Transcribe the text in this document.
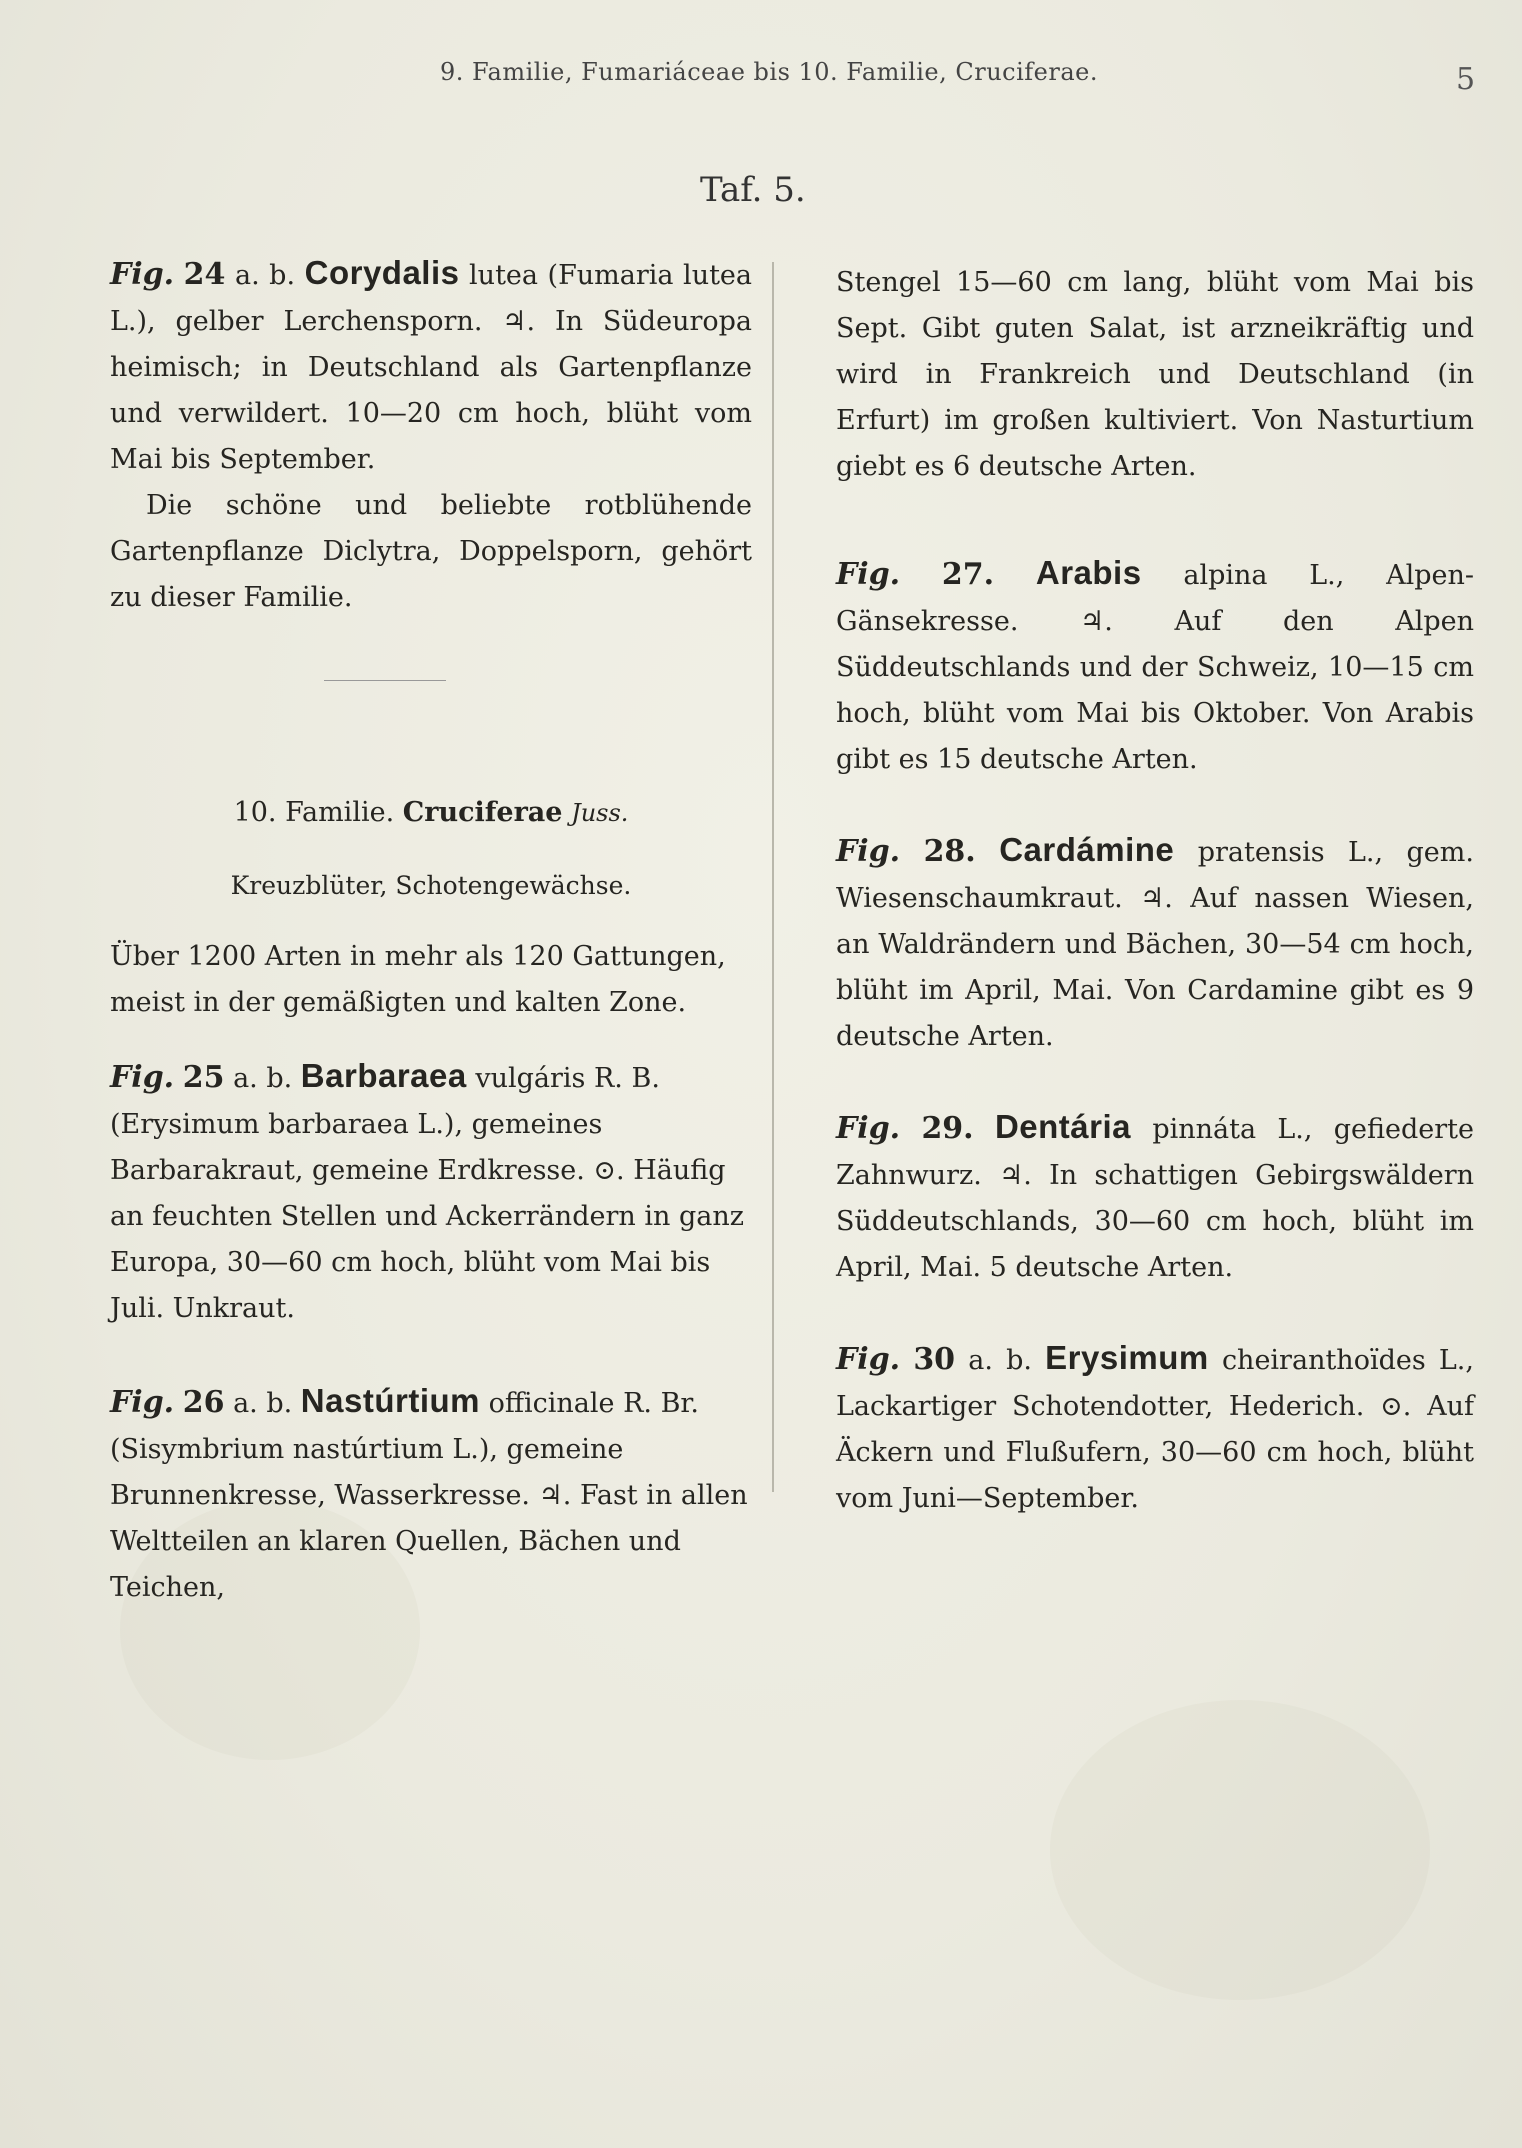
9. Familie, Fumariáceae bis 10. Familie, Cruciferae.	5
Taf. 5.

Fig. 24 a. b. Corydalis lutea (Fumaria lutea L.), gelber Lerchensporn. ♃. In Südeuropa heimisch; in Deutschland als Gartenpflanze und verwildert. 10—20 cm hoch, blüht vom Mai bis September.

Die schöne und beliebte rotblühende Gartenpflanze Diclytra, Doppelsporn, gehört zu dieser Familie.

10. Familie. Cruciferae Juss.

Kreuzblüter, Schotengewächse.

Über 1200 Arten in mehr als 120 Gattungen, meist in der gemäßigten und kalten Zone.

Fig. 25 a. b. Barbaraea vulgáris R. B. (Erysimum barbaraea L.), gemeines Barbarakraut, gemeine Erdkresse. ⊙. Häufig an feuchten Stellen und Ackerrändern in ganz Europa, 30—60 cm hoch, blüht vom Mai bis Juli. Unkraut.

Fig. 26 a. b. Nastúrtium officinale R. Br. (Sisymbrium nastúrtium L.), gemeine Brunnenkresse, Wasserkresse. ♃. Fast in allen Weltteilen an klaren Quellen, Bächen und Teichen,

Stengel 15—60 cm lang, blüht vom Mai bis Sept. Gibt guten Salat, ist arzneikräftig und wird in Frankreich und Deutschland (in Erfurt) im großen kultiviert. Von Nasturtium giebt es 6 deutsche Arten.

Fig. 27. Arabis alpina L., Alpen-Gänsekresse. ♃. Auf den Alpen Süddeutschlands und der Schweiz, 10—15 cm hoch, blüht vom Mai bis Oktober. Von Arabis gibt es 15 deutsche Arten.

Fig. 28. Cardámine pratensis L., gem. Wiesenschaumkraut. ♃. Auf nassen Wiesen, an Waldrändern und Bächen, 30—54 cm hoch, blüht im April, Mai. Von Cardamine gibt es 9 deutsche Arten.

Fig. 29. Dentária pinnáta L., gefiederte Zahnwurz. ♃. In schattigen Gebirgswäldern Süddeutschlands, 30—60 cm hoch, blüht im April, Mai. 5 deutsche Arten.

Fig. 30 a. b. Erysimum cheiranthoïdes L., Lackartiger Schotendotter, Hederich. ⊙. Auf Äckern und Flußufern, 30—60 cm hoch, blüht vom Juni—September.
